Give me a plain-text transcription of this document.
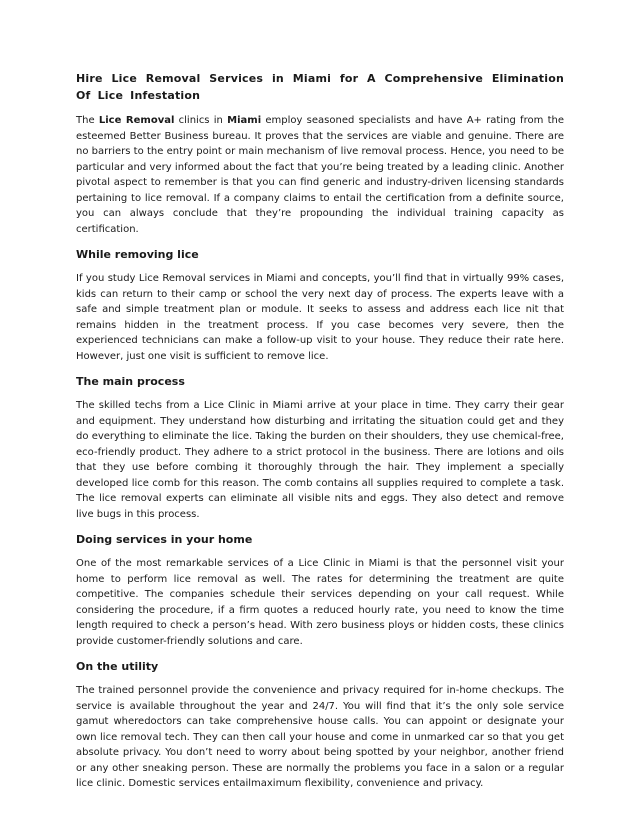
Hire Lice Removal Services in Miami for A Comprehensive Elimination Of Lice Infestation

The Lice Removal clinics in Miami employ seasoned specialists and have A+ rating from the esteemed Better Business bureau. It proves that the services are viable and genuine. There are no barriers to the entry point or main mechanism of live removal process. Hence, you need to be particular and very informed about the fact that you’re being treated by a leading clinic. Another pivotal aspect to remember is that you can find generic and industry-driven licensing standards pertaining to lice removal. If a company claims to entail the certification from a definite source, you can always conclude that they’re propounding the individual training capacity as certification.

While removing lice

If you study Lice Removal services in Miami and concepts, you’ll find that in virtually 99% cases, kids can return to their camp or school the very next day of process. The experts leave with a safe and simple treatment plan or module. It seeks to assess and address each lice nit that remains hidden in the treatment process. If you case becomes very severe, then the experienced technicians can make a follow-up visit to your house. They reduce their rate here. However, just one visit is sufficient to remove lice.

The main process

The skilled techs from a Lice Clinic in Miami arrive at your place in time. They carry their gear and equipment. They understand how disturbing and irritating the situation could get and they do everything to eliminate the lice. Taking the burden on their shoulders, they use chemical-free, eco-friendly product. They adhere to a strict protocol in the business. There are lotions and oils that they use before combing it thoroughly through the hair. They implement a specially developed lice comb for this reason. The comb contains all supplies required to complete a task. The lice removal experts can eliminate all visible nits and eggs. They also detect and remove live bugs in this process.

Doing services in your home

One of the most remarkable services of a Lice Clinic in Miami is that the personnel visit your home to perform lice removal as well. The rates for determining the treatment are quite competitive. The companies schedule their services depending on your call request. While considering the procedure, if a firm quotes a reduced hourly rate, you need to know the time length required to check a person’s head. With zero business ploys or hidden costs, these clinics provide customer-friendly solutions and care.

On the utility

The trained personnel provide the convenience and privacy required for in-home checkups. The service is available throughout the year and 24/7. You will find that it’s the only sole service gamut wheredoctors can take comprehensive house calls. You can appoint or designate your own lice removal tech. They can then call your house and come in unmarked car so that you get absolute privacy. You don’t need to worry about being spotted by your neighbor, another friend or any other sneaking person. These are normally the problems you face in a salon or a regular lice clinic. Domestic services entailmaximum flexibility, convenience and privacy.
